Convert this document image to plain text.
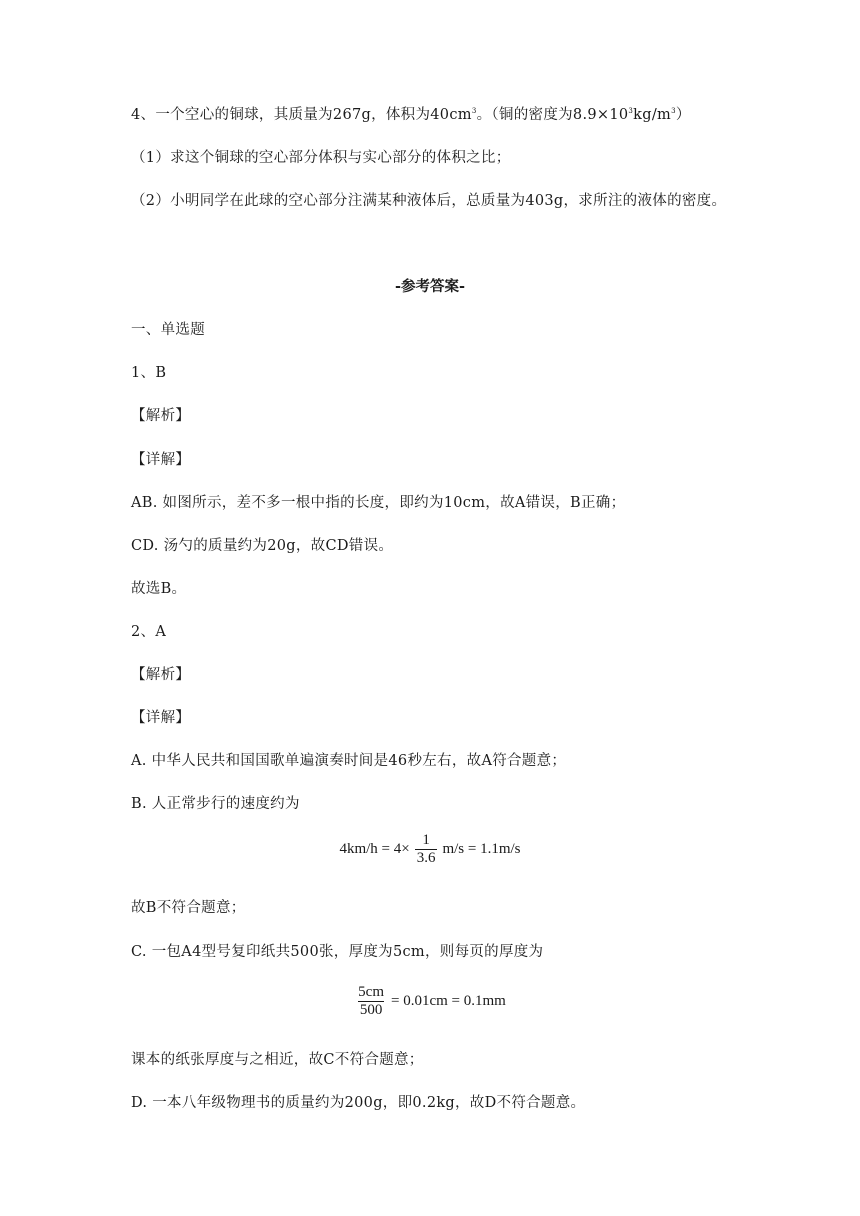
4、一个空心的铜球，其质量为267g，体积为$40cm^3$。（铜的密度为$8.9\times 10^3kg/m^3$）
（1）求这个铜球的空心部分体积与实心部分的体积之比；
（2）小明同学在此球的空心部分注满某种液体后，总质量为403g，求所注的液体的密度。
-参考答案-
一、单选题
1、B
【解析】
【详解】
AB. 如图所示，差不多一根中指的长度，即约为10cm，故A错误，B正确；
CD. 汤勺的质量约为20g，故CD错误。
故选B。
2、A
【解析】
【详解】
A. 中华人民共和国国歌单遍演奏时间是46秒左右，故A符合题意；
B. 人正常步行的速度约为
$4km/h = 4\times \frac{1}{3.6} m/s = 1.1m/s$
故B不符合题意；
C. 一包A4型号复印纸共500张，厚度为5cm，则每页的厚度为
$\frac{5cm}{500} = 0.01cm = 0.1mm$
课本的纸张厚度与之相近，故C不符合题意；
D. 一本八年级物理书的质量约为200g，即0.2kg，故D不符合题意。
